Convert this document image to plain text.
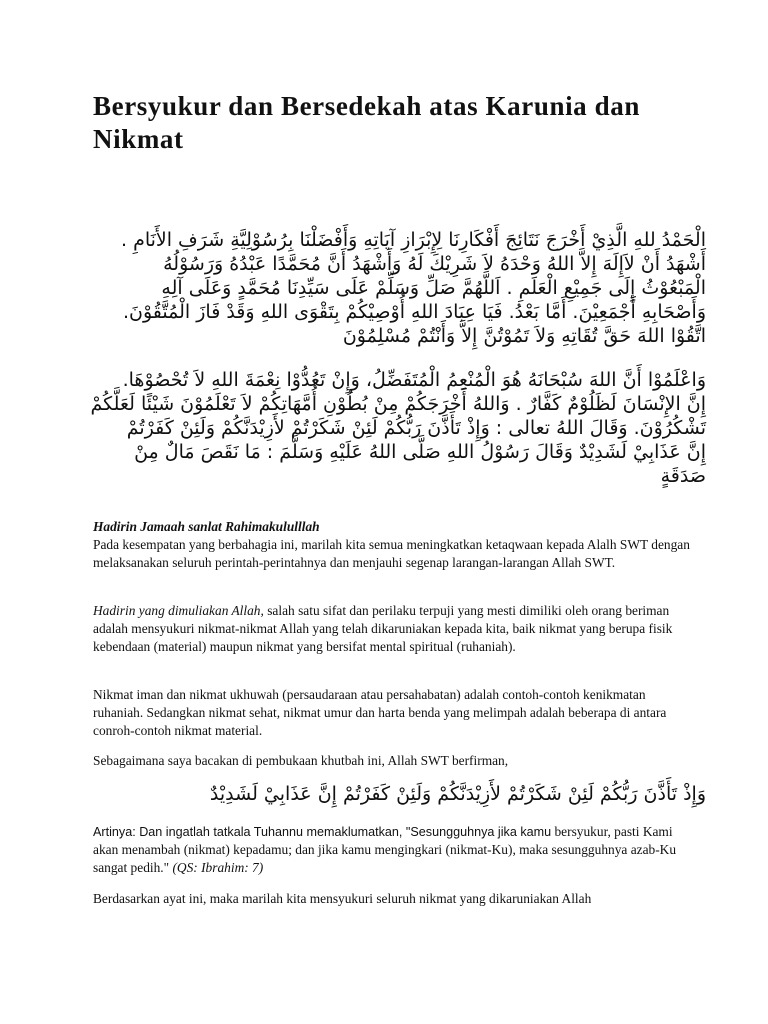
Bersyukur dan Bersedekah atas Karunia dan Nikmat
الْحَمْدُ للهِ الَّذِيْ أَخْرَجَ نَتَائِجَ أَفْكَارِنَا لِإِبْرَازِ آيَاتِهِ وَأَفْضَلْنَا بِرُسُوْلِيَّةِ شَرَفِ الأَنَامِ .
أَشْهَدُ أَنْ لاَإِلَهَ إِلاَّ اللهُ وَحْدَهُ لاَ شَرِيْكَ لَهُ وَأَشْهَدُ أَنَّ مُحَمَّدًا عَبْدُهُ وَرَسُوْلُهُ
الْمَبْعُوْثُ إِلَى جَمِيْعِ الْعَلَمِ . اَللَّهُمَّ صَلِّ وَسَلِّمْ عَلَى سَيِّدِنَا مُحَمَّدٍ وَعَلَى آلِهِ
وَأَصْحَابِهِ أَجْمَعِيْنَ. أَمَّا بَعْدُ. فَيَا عِبَادَ اللهِ أُوْصِيْكُمْ بِتَقْوَى اللهِ وَقَدْ فَازَ الْمُتَّقُوْنَ.
اتَّقُوْا اللهَ حَقَّ تُقَاتِهِ وَلاَ تَمُوْتُنَّ إِلاَّ وَأَنْتُمْ مُسْلِمُوْنَ
وَاعْلَمُوْا أَنَّ اللهَ سُبْحَانَهُ هُوَ الْمُنْعِمُ الْمُتَفَضِّلُ، وَإِنْ تَعُدُّوْا نِعْمَةَ اللهِ لاَ تُحْصُوْهَا.
إِنَّ الإِنْسَانَ لَظَلُوْمٌ كَفَّارٌ . وَاللهُ أَخْرَجَكُمْ مِنْ بُطُوْنِ أُمَّهَاتِكُمْ لاَ تَعْلَمُوْنَ شَيْئًا لَعَلَّكُمْ
تَشْكُرُوْنَ. وَقَالَ اللهُ تعالى : وَإِذْ تَأَذَّنَ رَبُّكُمْ لَئِنْ شَكَرْتُمْ لأَزِيْدَنَّكُمْ وَلَئِنْ كَفَرْتُمْ
إِنَّ عَذَابِيْ لَشَدِيْدٌ وَقَالَ رَسُوْلُ اللهِ صَلَّى اللهُ عَلَيْهِ وَسَلَّمَ : مَا نَقَصَ مَالٌ مِنْ
صَدَقَةٍ

Hadirin Jamaah sanlat Rahimakululllah
Pada kesempatan yang berbahagia ini, marilah kita semua meningkatkan ketaqwaan kepada Alalh SWT dengan melaksanakan seluruh perintah-perintahnya dan menjauhi segenap larangan-larangan Allah SWT.

Hadirin yang dimuliakan Allah, salah satu sifat dan perilaku terpuji yang mesti dimiliki oleh orang beriman adalah mensyukuri nikmat-nikmat Allah yang telah dikaruniakan kepada kita, baik nikmat yang berupa fisik kebendaan (material) maupun nikmat yang bersifat mental spiritual (ruhaniah).

Nikmat iman dan nikmat ukhuwah (persaudaraan atau persahabatan) adalah contoh-contoh kenikmatan ruhaniah. Sedangkan nikmat sehat, nikmat umur dan harta benda yang melimpah adalah beberapa di antara conroh-contoh nikmat material.

Sebagaimana saya bacakan di pembukaan khutbah ini, Allah SWT berfirman,

وَإِذْ تَأَذَّنَ رَبُّكُمْ لَئِنْ شَكَرْتُمْ لأَزِيْدَنَّكُمْ وَلَئِنْ كَفَرْتُمْ إِنَّ عَذَابِيْ لَشَدِيْدٌ

Artinya: Dan ingatlah tatkala Tuhannu memaklumatkan, "Sesungguhnya jika kamu bersyukur, pasti Kami akan menambah (nikmat) kepadamu; dan jika kamu mengingkari (nikmat-Ku), maka sesungguhnya azab-Ku sangat pedih." (QS: Ibrahim: 7)

Berdasarkan ayat ini, maka marilah kita mensyukuri seluruh nikmat yang dikaruniakan Allah
